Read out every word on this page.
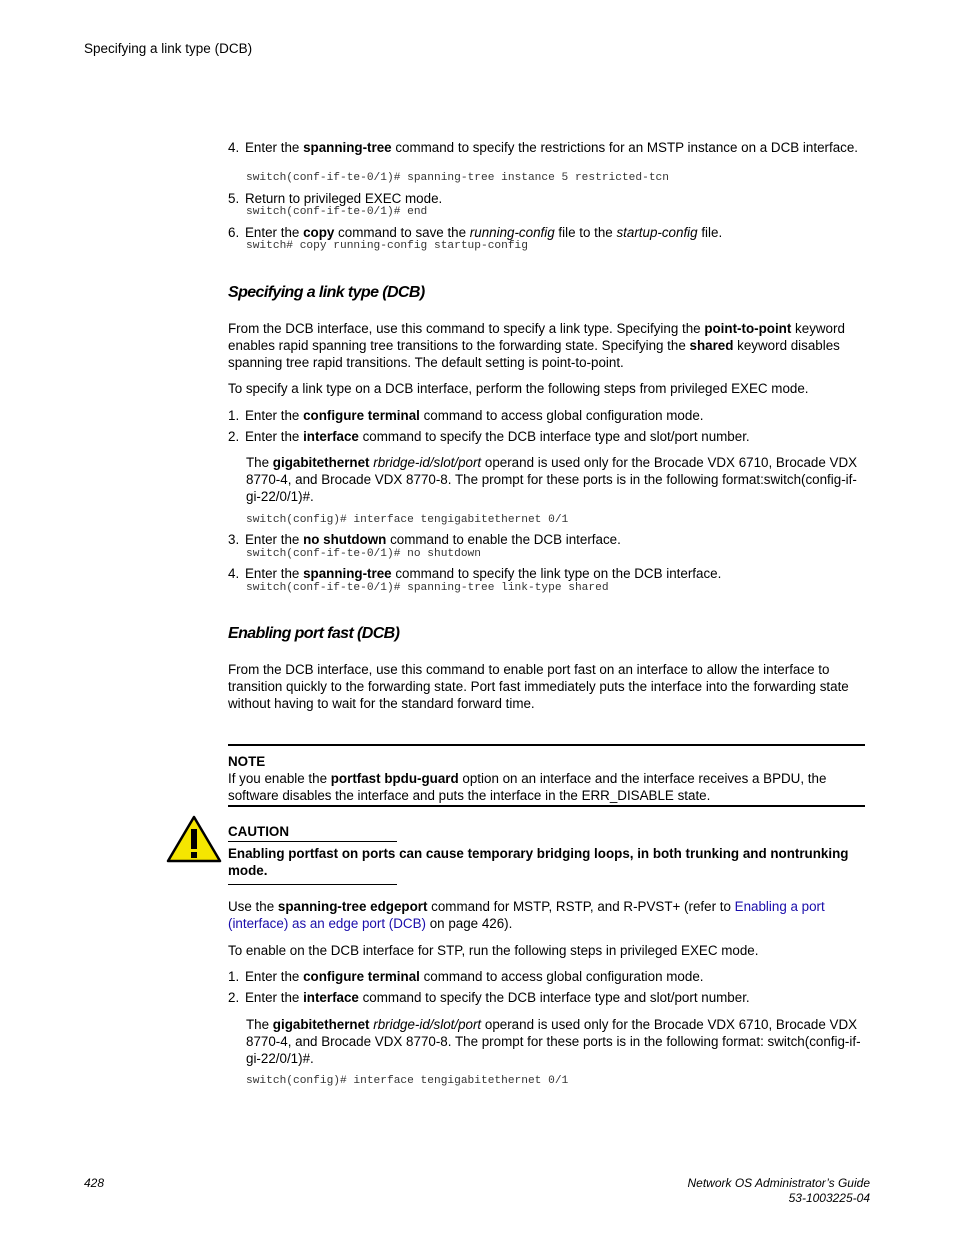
Specifying a link type (DCB)
4. Enter the spanning-tree command to specify the restrictions for an MSTP instance on a DCB interface.
switch(conf-if-te-0/1)# spanning-tree instance 5 restricted-tcn
5. Return to privileged EXEC mode.
switch(conf-if-te-0/1)# end
6. Enter the copy command to save the running-config file to the startup-config file.
switch# copy running-config startup-config
Specifying a link type (DCB)
From the DCB interface, use this command to specify a link type. Specifying the point-to-point keyword enables rapid spanning tree transitions to the forwarding state. Specifying the shared keyword disables spanning tree rapid transitions. The default setting is point-to-point.
To specify a link type on a DCB interface, perform the following steps from privileged EXEC mode.
1. Enter the configure terminal command to access global configuration mode.
2. Enter the interface command to specify the DCB interface type and slot/port number.
The gigabitethernet rbridge-id/slot/port operand is used only for the Brocade VDX 6710, Brocade VDX 8770-4, and Brocade VDX 8770-8. The prompt for these ports is in the following format:switch(config-if-gi-22/0/1)#.
switch(config)# interface tengigabitethernet 0/1
3. Enter the no shutdown command to enable the DCB interface.
switch(conf-if-te-0/1)# no shutdown
4. Enter the spanning-tree command to specify the link type on the DCB interface.
switch(conf-if-te-0/1)# spanning-tree link-type shared
Enabling port fast (DCB)
From the DCB interface, use this command to enable port fast on an interface to allow the interface to transition quickly to the forwarding state. Port fast immediately puts the interface into the forwarding state without having to wait for the standard forward time.
NOTE
If you enable the portfast bpdu-guard option on an interface and the interface receives a BPDU, the software disables the interface and puts the interface in the ERR_DISABLE state.
CAUTION
Enabling portfast on ports can cause temporary bridging loops, in both trunking and nontrunking mode.
Use the spanning-tree edgeport command for MSTP, RSTP, and R-PVST+ (refer to Enabling a port (interface) as an edge port (DCB) on page 426).
To enable on the DCB interface for STP, run the following steps in privileged EXEC mode.
1. Enter the configure terminal command to access global configuration mode.
2. Enter the interface command to specify the DCB interface type and slot/port number.
The gigabitethernet rbridge-id/slot/port operand is used only for the Brocade VDX 6710, Brocade VDX 8770-4, and Brocade VDX 8770-8. The prompt for these ports is in the following format: switch(config-if-gi-22/0/1)#.
switch(config)# interface tengigabitethernet 0/1
428	Network OS Administrator’s Guide
53-1003225-04
